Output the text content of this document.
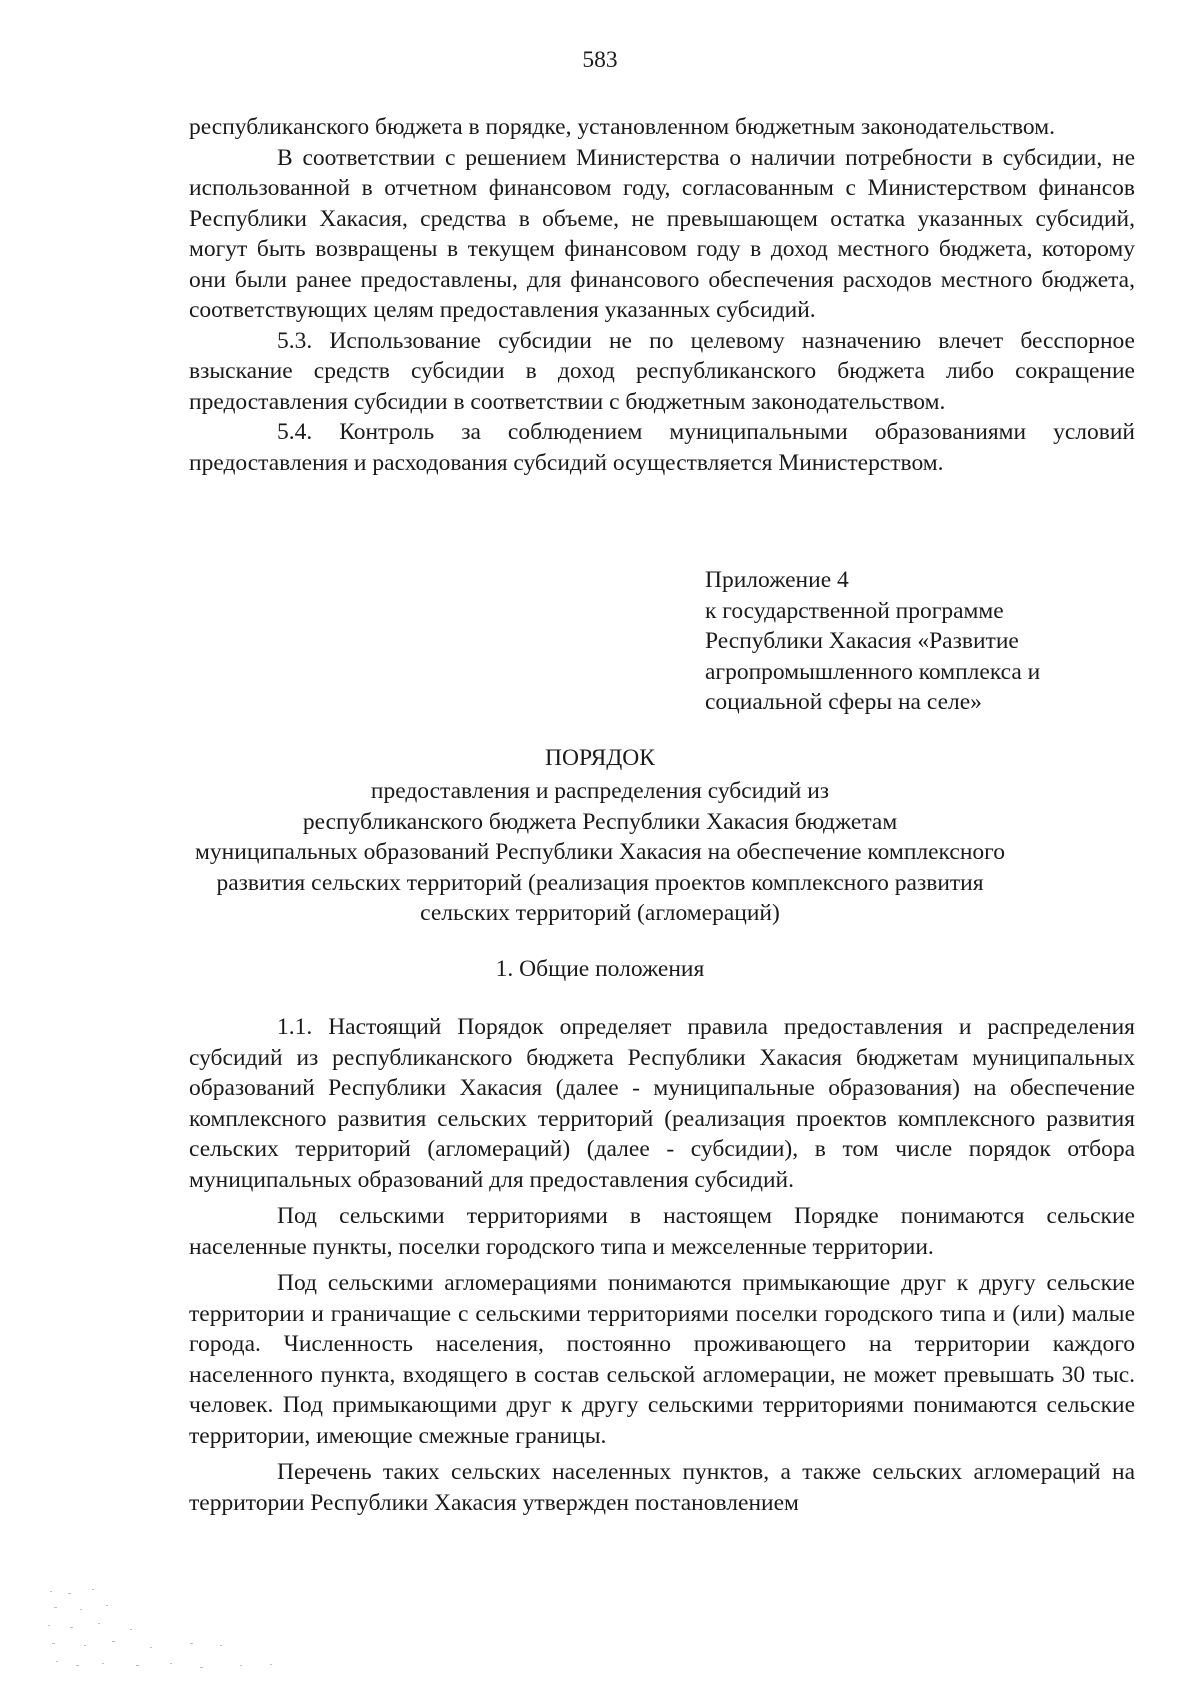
583

республиканского бюджета в порядке, установленном бюджетным законодательством.

В соответствии с решением Министерства о наличии потребности в субсидии, не использованной в отчетном финансовом году, согласованным с Министерством финансов Республики Хакасия, средства в объеме, не превышающем остатка указанных субсидий, могут быть возвращены в текущем финансовом году в доход местного бюджета, которому они были ранее предоставлены, для финансового обеспечения расходов местного бюджета, соответствующих целям предоставления указанных субсидий.

5.3. Использование субсидии не по целевому назначению влечет бесспорное взыскание средств субсидии в доход республиканского бюджета либо сокращение предоставления субсидии в соответствии с бюджетным законодательством.

5.4. Контроль за соблюдением муниципальными образованиями условий предоставления и расходования субсидий осуществляется Министерством.

Приложение 4
к государственной программе
Республики Хакасия «Развитие
агропромышленного комплекса и
социальной сферы на селе»
ПОРЯДОК
предоставления и распределения субсидий из
республиканского бюджета Республики Хакасия бюджетам
муниципальных образований Республики Хакасия на обеспечение комплексного
развития сельских территорий (реализация проектов комплексного развития
сельских территорий (агломераций)
1. Общие положения

1.1. Настоящий Порядок определяет правила предоставления и распределения субсидий из республиканского бюджета Республики Хакасия бюджетам муниципальных образований Республики Хакасия (далее - муниципальные образования) на обеспечение комплексного развития сельских территорий (реализация проектов комплексного развития сельских территорий (агломераций) (далее - субсидии), в том числе порядок отбора муниципальных образований для предоставления субсидий.

Под сельскими территориями в настоящем Порядке понимаются сельские населенные пункты, поселки городского типа и межселенные территории.

Под сельскими агломерациями понимаются примыкающие друг к другу сельские территории и граничащие с сельскими территориями поселки городского типа и (или) малые города. Численность населения, постоянно проживающего на территории каждого населенного пункта, входящего в состав сельской агломерации, не может превышать 30 тыс. человек. Под примыкающими друг к другу сельскими территориями понимаются сельские территории, имеющие смежные границы.

Перечень таких сельских населенных пунктов, а также сельских агломераций на территории Республики Хакасия утвержден постановлением
